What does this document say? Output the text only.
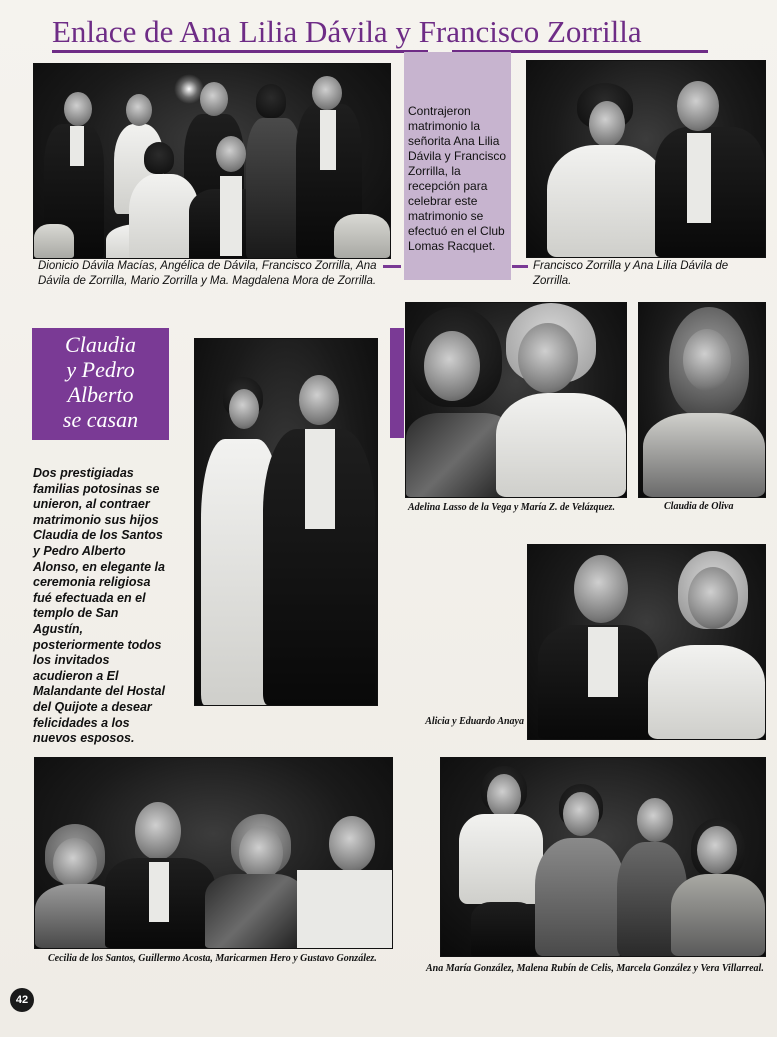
Enlace de Ana Lilia Dávila y Francisco Zorrilla
Contrajeron matrimonio la señorita Ana Lilia Dávila y Francisco Zorrilla, la recepción para celebrar este matrimonio se efectuó en el Club Lomas Racquet.
Dionicio Dávila Macías, Angélica de Dávila, Francisco Zorrilla, Ana Dávila de Zorrilla, Mario Zorrilla y Ma. Magdalena Mora de Zorrilla.
Francisco Zorrilla y Ana Lilia Dávila de Zorrilla.
Claudia
y Pedro
Alberto
se casan
Dos prestigiadas familias potosinas se unieron, al contraer matrimonio sus hijos Claudia de los Santos y Pedro Alberto Alonso, en elegante la ceremonia religiosa fué efectuada en el templo de San Agustín, posteriormente todos los invitados acudieron a El Malandante del Hostal del Quijote a desear felicidades a los nuevos esposos.
Adelina Lasso de la Vega y María Z. de Velázquez.	Claudia de Oliva
Alicia y Eduardo Anaya
Cecilia de los Santos, Guillermo Acosta, Maricarmen Hero y Gustavo González.
Ana María González, Malena Rubín de Celis, Marcela González y Vera Villarreal.
42
